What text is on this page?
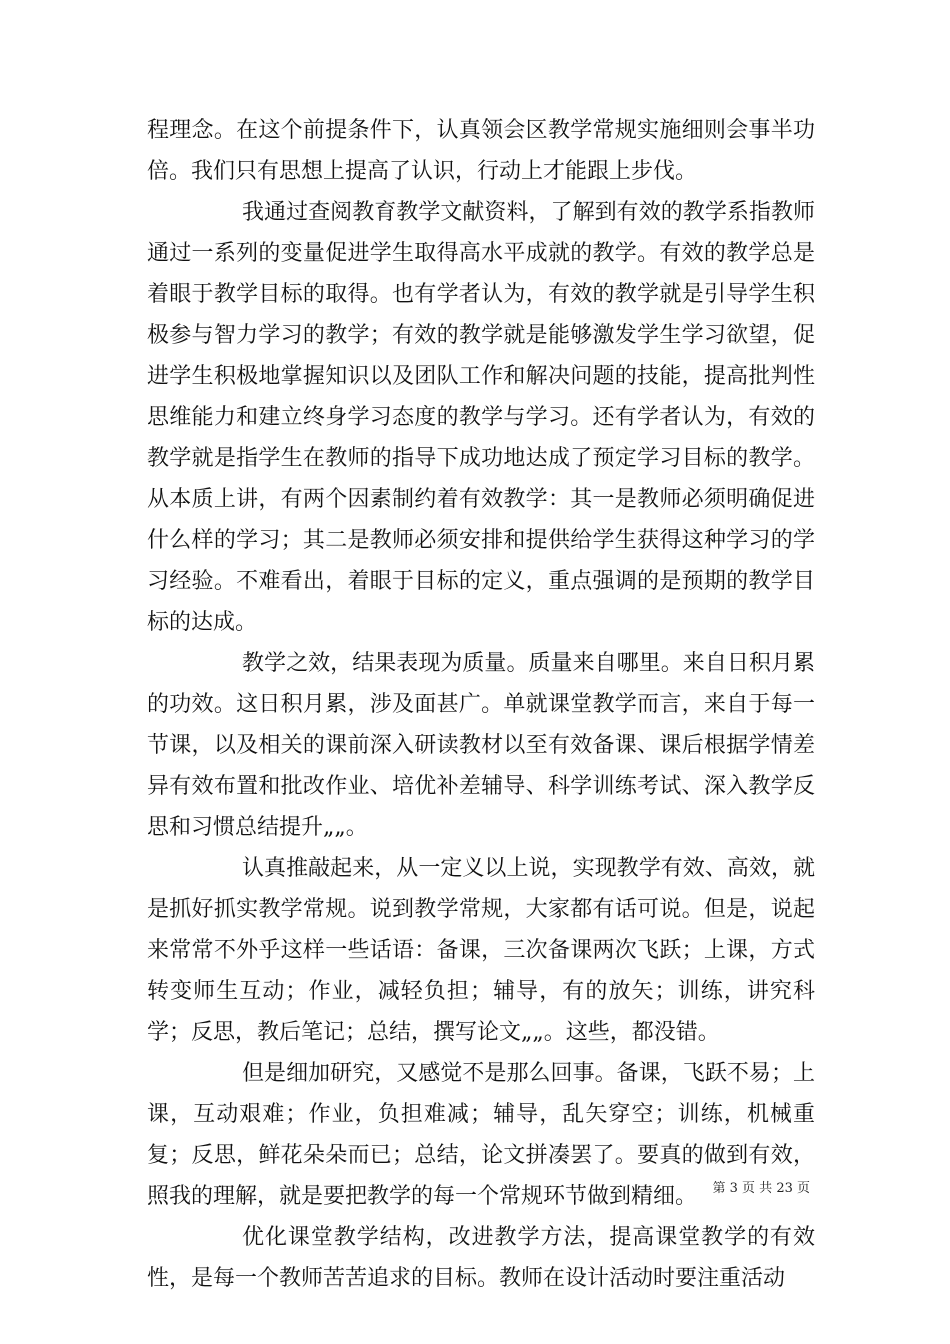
程理念。在这个前提条件下，认真领会区教学常规实施细则会事半功倍。我们只有思想上提高了认识，行动上才能跟上步伐。

我通过查阅教育教学文献资料，了解到有效的教学系指教师通过一系列的变量促进学生取得高水平成就的教学。有效的教学总是着眼于教学目标的取得。也有学者认为，有效的教学就是引导学生积极参与智力学习的教学；有效的教学就是能够激发学生学习欲望，促进学生积极地掌握知识以及团队工作和解决问题的技能，提高批判性思维能力和建立终身学习态度的教学与学习。还有学者认为，有效的教学就是指学生在教师的指导下成功地达成了预定学习目标的教学。从本质上讲，有两个因素制约着有效教学：其一是教师必须明确促进什么样的学习；其二是教师必须安排和提供给学生获得这种学习的学习经验。不难看出，着眼于目标的定义，重点强调的是预期的教学目标的达成。

教学之效，结果表现为质量。质量来自哪里。来自日积月累的功效。这日积月累，涉及面甚广。单就课堂教学而言，来自于每一节课，以及相关的课前深入研读教材以至有效备课、课后根据学情差异有效布置和批改作业、培优补差辅导、科学训练考试、深入教学反思和习惯总结提升„„。

认真推敲起来，从一定义以上说，实现教学有效、高效，就是抓好抓实教学常规。说到教学常规，大家都有话可说。但是，说起来常常不外乎这样一些话语：备课，三次备课两次飞跃；上课，方式转变师生互动；作业，减轻负担；辅导，有的放矢；训练，讲究科学；反思，教后笔记；总结，撰写论文„„。这些，都没错。

但是细加研究，又感觉不是那么回事。备课，飞跃不易；上课，互动艰难；作业，负担难减；辅导，乱矢穿空；训练，机械重复；反思，鲜花朵朵而已；总结，论文拼凑罢了。要真的做到有效，照我的理解，就是要把教学的每一个常规环节做到精细。

优化课堂教学结构，改进教学方法，提高课堂教学的有效性，是每一个教师苦苦追求的目标。教师在设计活动时要注重活动

第 3 页 共 23 页
